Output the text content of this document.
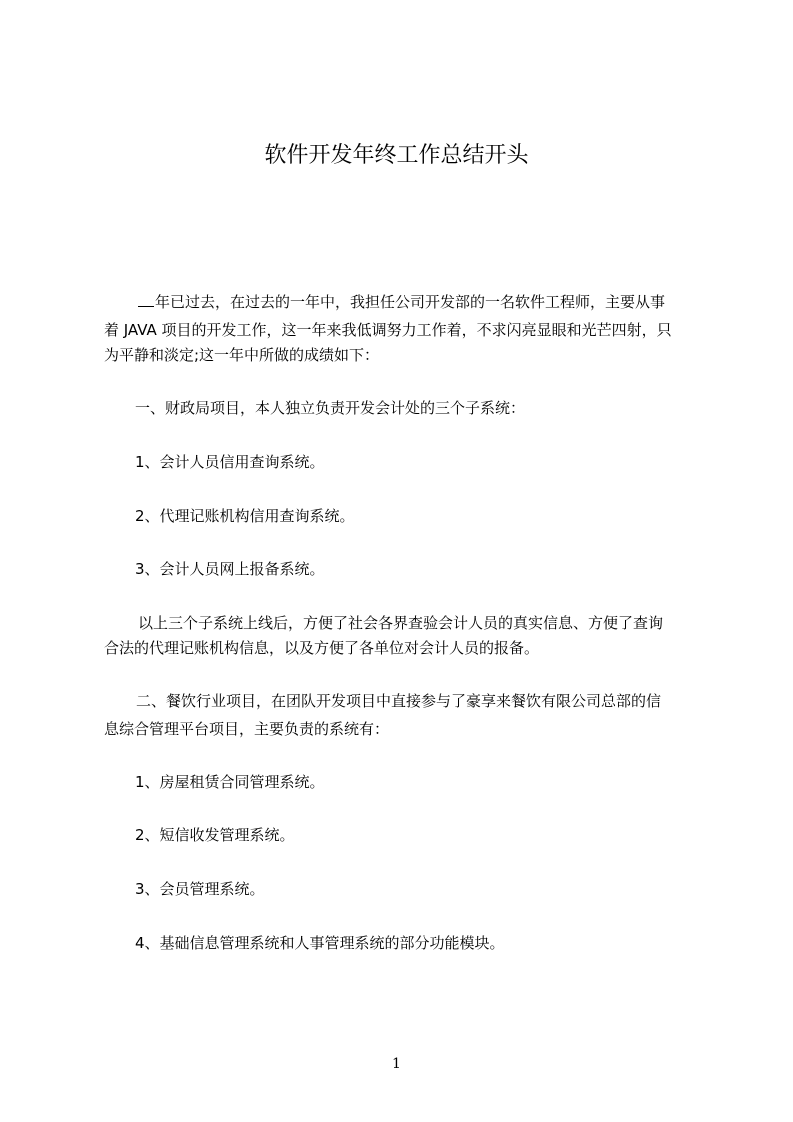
软件开发年终工作总结开头
年已过去，在过去的一年中，我担任公司开发部的一名软件工程师，主要从事
着 JAVA 项目的开发工作，这一年来我低调努力工作着，不求闪亮显眼和光芒四射，只
为平静和淡定;这一年中所做的成绩如下：
一、财政局项目，本人独立负责开发会计处的三个子系统：
1、会计人员信用查询系统。
2、代理记账机构信用查询系统。
3、会计人员网上报备系统。
以上三个子系统上线后，方便了社会各界查验会计人员的真实信息、方便了查询
合法的代理记账机构信息，以及方便了各单位对会计人员的报备。
二、餐饮行业项目，在团队开发项目中直接参与了豪享来餐饮有限公司总部的信
息综合管理平台项目，主要负责的系统有：
1、房屋租赁合同管理系统。
2、短信收发管理系统。
3、会员管理系统。
4、基础信息管理系统和人事管理系统的部分功能模块。
1
